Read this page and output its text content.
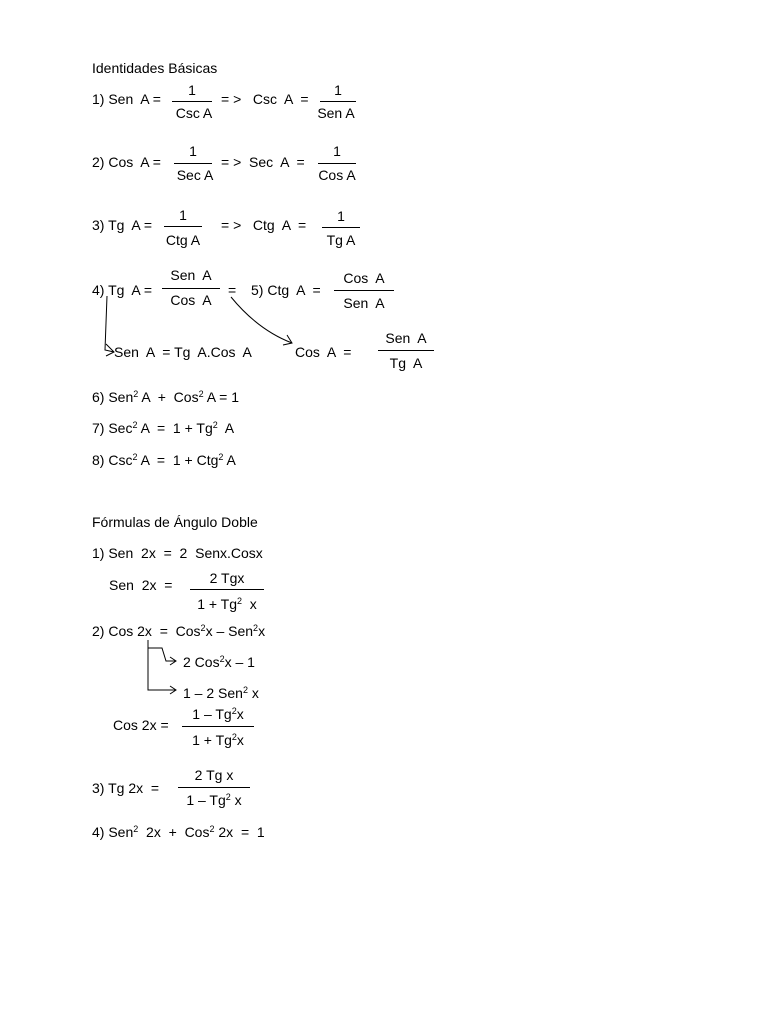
Identidades Básicas
1) Sen  A =
1
Csc A
= >   Csc  A  =
1
Sen A
2) Cos  A =
1
Sec A
= >  Sec  A  =
1
Cos A
3) Tg  A =
1
Ctg A
= >   Ctg  A  =
1
Tg A
4) Tg  A =
Sen  A
Cos  A
= 5) Ctg  A  =
Cos  A
Sen  A
Sen  A  = Tg  A.Cos  A	Cos  A  =
Sen  A
Tg  A
6) Sen$^2$ A  +  Cos$^2$ A = 1
7) Sec$^2$ $A = 1 + Tg^2$  A
8) Csc$^2$ A  =  1 + Ctg$^2$ A
Fórmulas de Ángulo Doble
1) Sen  2x  =  2  Senx.Cosx
Sen  2x  =	2 Tgx
$1 + Tg^2$  x
2) Cos 2x  =  Cos$^2$x – Sen$^2$x
2 Cos$^2$x – 1
1 – 2 Sen$^2$ x
Cos 2x =
1 – Tg$^2$x
$1 + Tg^2x$
3) Tg 2x  =
2 Tg x
1 – Tg$^2$ x
4) Sen$^2$  2x  +  Cos$^2$ 2x  =  1
